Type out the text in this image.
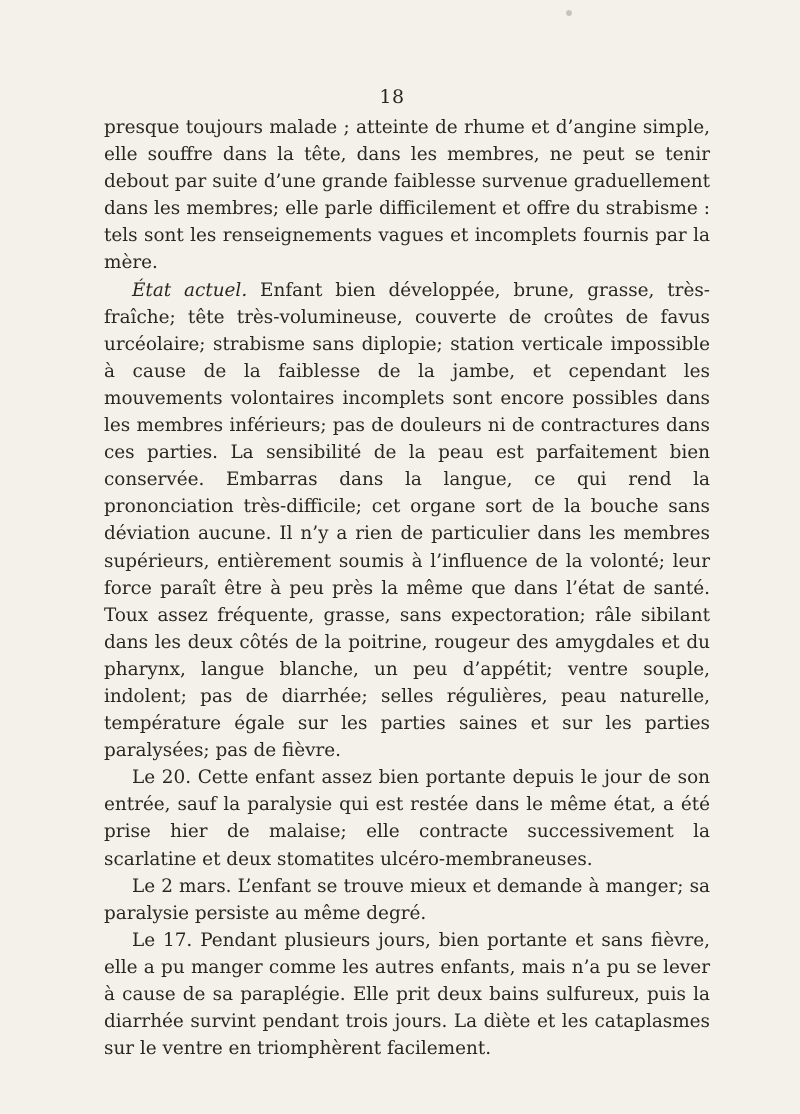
18

presque toujours malade ; atteinte de rhume et d’angine simple, elle souffre dans la tête, dans les membres, ne peut se tenir debout par suite d’une grande faiblesse survenue graduellement dans les membres; elle parle difficilement et offre du strabisme : tels sont les renseignements vagues et incomplets fournis par la mère.

État actuel. Enfant bien développée, brune, grasse, très-fraîche; tête très-volumineuse, couverte de croûtes de favus urcéolaire; strabisme sans diplopie; station verticale impossible à cause de la faiblesse de la jambe, et cependant les mouvements volontaires incomplets sont encore possibles dans les membres inférieurs; pas de douleurs ni de contractures dans ces parties. La sensibilité de la peau est parfaitement bien conservée. Embarras dans la langue, ce qui rend la prononciation très-difficile; cet organe sort de la bouche sans déviation aucune. Il n’y a rien de particulier dans les membres supérieurs, entièrement soumis à l’influence de la volonté; leur force paraît être à peu près la même que dans l’état de santé. Toux assez fréquente, grasse, sans expectoration; râle sibilant dans les deux côtés de la poitrine, rougeur des amygdales et du pharynx, langue blanche, un peu d’appétit; ventre souple, indolent; pas de diarrhée; selles régulières, peau naturelle, température égale sur les parties saines et sur les parties paralysées; pas de fièvre.

Le 20. Cette enfant assez bien portante depuis le jour de son entrée, sauf la paralysie qui est restée dans le même état, a été prise hier de malaise; elle contracte successivement la scarlatine et deux stomatites ulcéro-membraneuses.

Le 2 mars. L’enfant se trouve mieux et demande à manger; sa paralysie persiste au même degré.

Le 17. Pendant plusieurs jours, bien portante et sans fièvre, elle a pu manger comme les autres enfants, mais n’a pu se lever à cause de sa paraplégie. Elle prit deux bains sulfureux, puis la diarrhée survint pendant trois jours. La diète et les cataplasmes sur le ventre en triomphèrent facilement.
